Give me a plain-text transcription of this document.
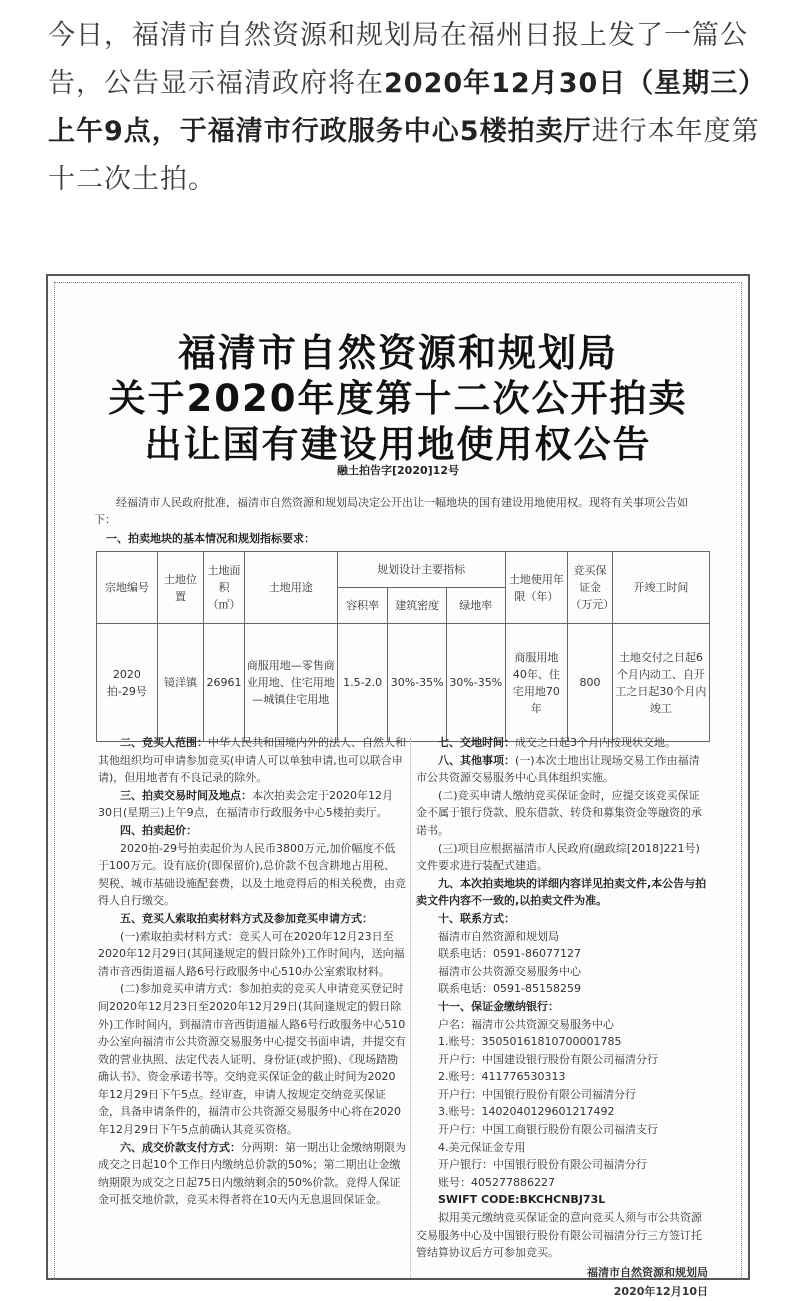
今日，福清市自然资源和规划局在福州日报上发了一篇公告，公告显示福清政府将在2020年12月30日（星期三）上午9点，于福清市行政服务中心5楼拍卖厅进行本年度第十二次土拍。
福清市自然资源和规划局
关于2020年度第十二次公开拍卖
出让国有建设用地使用权公告
融土拍告字[2020]12号
经福清市人民政府批准，福清市自然资源和规划局决定公开出让一幅地块的国有建设用地使用权。现将有关事项公告如下：
一、拍卖地块的基本情况和规划指标要求：
宗地编号	土地位置	土地面积（㎡）	土地用途	规划设计主要指标			土地使用年限（年）	竞买保证金（万元）	开竣工时间
				容积率	建筑密度	绿地率			
2020拍-29号	镜洋镇	26961	商服用地—零售商业用地、住宅用地—城镇住宅用地	1.5-2.0	30%-35%	30%-35%	商服用地40年、住宅用地70年	800	土地交付之日起6个月内动工、自开工之日起30个月内竣工

二、竞买人范围：中华人民共和国境内外的法人、自然人和其他组织均可申请参加竞买(申请人可以单独申请,也可以联合申请)，但用地者有不良记录的除外。

三、拍卖交易时间及地点：本次拍卖会定于2020年12月30日(星期三)上午9点，在福清市行政服务中心5楼拍卖厅。

四、拍卖起价：

2020拍-29号拍卖起价为人民币3800万元,加价幅度不低于100万元。设有底价(即保留价),总价款不包含耕地占用税、契税、城市基础设施配套费，以及土地竞得后的相关税费，由竞得人自行缴交。

五、竞买人索取拍卖材料方式及参加竞买申请方式：

(一)索取拍卖材料方式：竞买人可在2020年12月23日至2020年12月29日(其间逢规定的假日除外)工作时间内，送向福清市音西街道福人路6号行政服务中心510办公室索取材料。

(二)参加竞买申请方式：参加拍卖的竞买人申请竞买登记时间2020年12月23日至2020年12月29日(其间逢规定的假日除外)工作时间内，到福清市音西街道福人路6号行政服务中心510办公室向福清市公共资源交易服务中心提交书面申请，并提交有效的营业执照、法定代表人证明、身份证(或护照)、《现场踏勘确认书》、资金承诺书等。交纳竞买保证金的截止时间为2020年12月29日下午5点。经审查，申请人按规定交纳竞买保证金，具备申请条件的，福清市公共资源交易服务中心将在2020年12月29日下午5点前确认其竞买资格。

六、成交价款支付方式：分两期：第一期出让金缴纳期限为成交之日起10个工作日内缴纳总价款的50%；第二期出让金缴纳期限为成交之日起75日内缴纳剩余的50%价款。竞得人保证金可抵交地价款，竞买未得者将在10天内无息退回保证金。

七、交地时间：成交之日起3个月内按现状交地。

八、其他事项：(一)本次土地出让现场交易工作由福清市公共资源交易服务中心具体组织实施。

(二)竞买申请人缴纳竞买保证金时，应提交该竞买保证金不属于银行贷款、股东借款、转贷和募集资金等融资的承诺书。

(三)项目应根据福清市人民政府(融政综[2018]221号)文件要求进行装配式建造。

九、本次拍卖地块的详细内容详见拍卖文件,本公告与拍卖文件内容不一致的,以拍卖文件为准。

十、联系方式：

福清市自然资源和规划局

联系电话：0591-86077127

福清市公共资源交易服务中心

联系电话：0591-85158259

十一、保证金缴纳银行：

户名：福清市公共资源交易服务中心

1.账号：35050161810700001785

开户行：中国建设银行股份有限公司福清分行

2.账号：411776530313

开户行：中国银行股份有限公司福清分行

3.账号：1402040129601217492

开户行：中国工商银行股份有限公司福清支行

4.美元保证金专用

开户银行：中国银行股份有限公司福清分行

账号：405277886227

SWIFT CODE:BKCHCNBJ73L

拟用美元缴纳竞买保证金的意向竞买人须与市公共资源交易服务中心及中国银行股份有限公司福清分行三方签订托管结算协议后方可参加竞买。

福清市自然资源和规划局

2020年12月10日
